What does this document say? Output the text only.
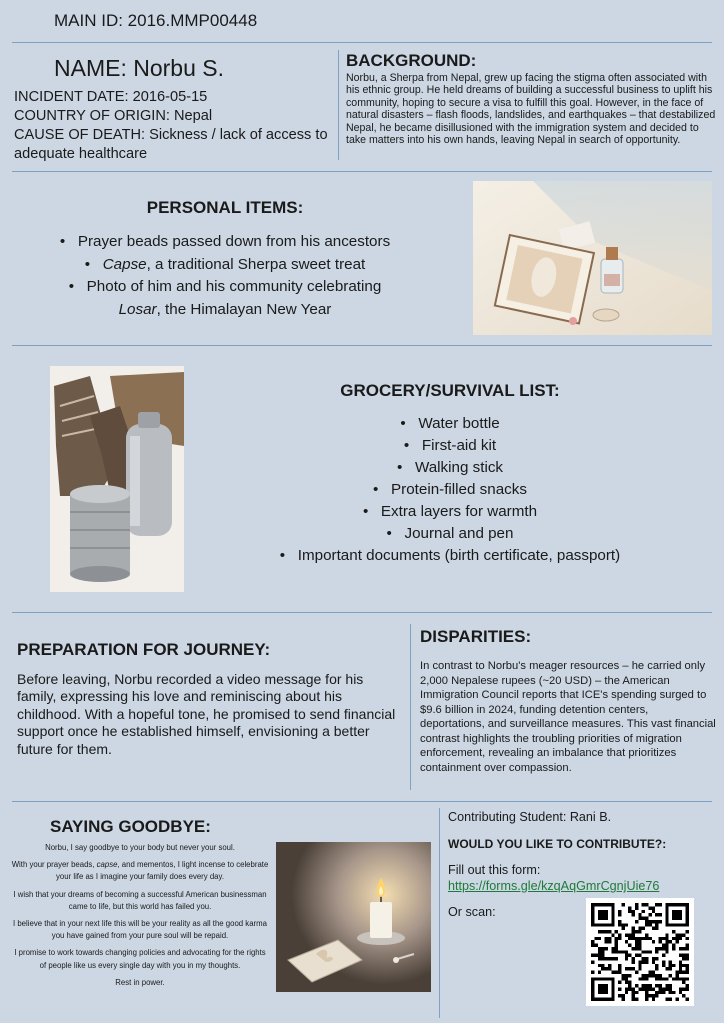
MAIN ID: 2016.MMP00448
NAME: Norbu S.
INCIDENT DATE: 2016-05-15
COUNTRY OF ORIGIN: Nepal
CAUSE OF DEATH: Sickness / lack of access to adequate healthcare
BACKGROUND:
Norbu, a Sherpa from Nepal, grew up facing the stigma often associated with his ethnic group. He held dreams of building a successful business to uplift his community, hoping to secure a visa to fulfill this goal. However, in the face of natural disasters – flash floods, landslides, and earthquakes – that destabilized Nepal, he became disillusioned with the immigration system and decided to take matters into his own hands, leaving Nepal in search of opportunity.
PERSONAL ITEMS:
•   Prayer beads passed down from his ancestors
•   Capse, a traditional Sherpa sweet treat
•   Photo of him and his community celebrating
Losar, the Himalayan New Year
GROCERY/SURVIVAL LIST:
•   Water bottle
•   First-aid kit
•   Walking stick
•   Protein-filled snacks
•   Extra layers for warmth
•   Journal and pen
•   Important documents (birth certificate, passport)
PREPARATION FOR JOURNEY:
Before leaving, Norbu recorded a video message for his family, expressing his love and reminiscing about his childhood. With a hopeful tone, he promised to send financial support once he established himself, envisioning a better future for them.
DISPARITIES:
In contrast to Norbu's meager resources – he carried only 2,000 Nepalese rupees (~20 USD) – the American Immigration Council reports that ICE's spending surged to $9.6 billion in 2024, funding detention centers, deportations, and surveillance measures. This vast financial contrast highlights the troubling priorities of migration enforcement, revealing an imbalance that prioritizes containment over compassion.
SAYING GOODBYE:

Norbu, I say goodbye to your body but never your soul.

With your prayer beads, capse, and mementos, I light incense to celebrate your life as I imagine your family does every day.

I wish that your dreams of becoming a successful American businessman came to life, but this world has failed you.

I believe that in your next life this will be your reality as all the good karma you have gained from your pure soul will be repaid.

I promise to work towards changing policies and advocating for the rights of people like us every single day with you in my thoughts.

Rest in power.

Contributing Student: Rani B.
WOULD YOU LIKE TO CONTRIBUTE?:
Fill out this form:
https://forms.gle/kzqAqGmrCgnjUie76
Or scan:
